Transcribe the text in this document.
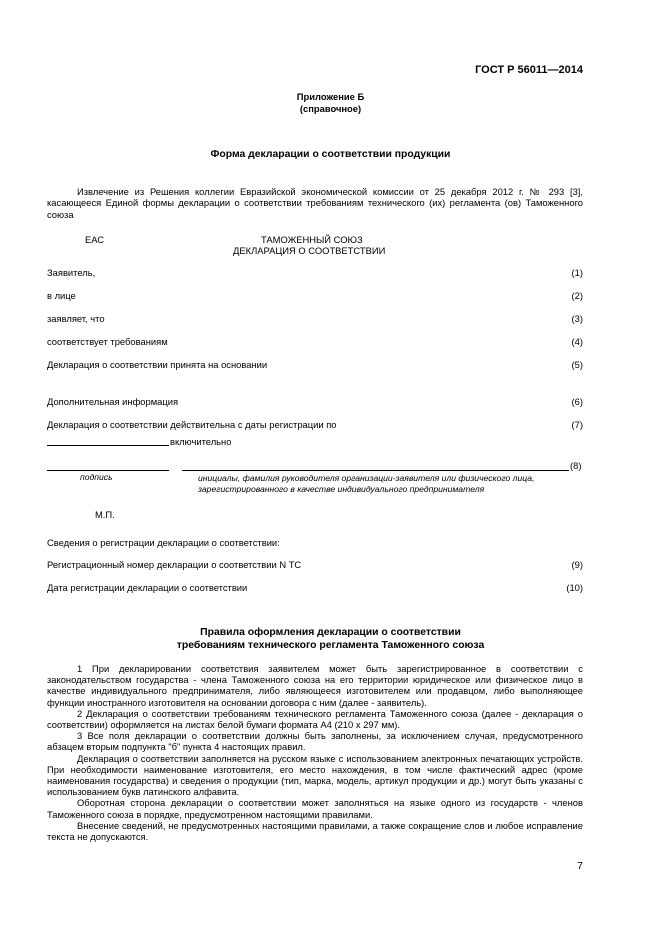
ГОСТ Р 56011—2014
Приложение Б
(справочное)
Форма декларации о соответствии продукции
Извлечение из Решения коллегии Евразийской экономической комиссии от 25 декабря 2012 г. № 293 [3], касающееся Единой формы декларации о соответствии требованиям технического (их) регламента (ов) Таможенного союза
ЕАС	ТАМОЖЕННЫЙ СОЮЗ
ДЕКЛАРАЦИЯ О СООТВЕТСТВИИ
Заявитель,	(1)
в лице	(2)
заявляет, что	(3)
соответствует требованиям	(4)
Декларация о соответствии принята на основании	(5)
Дополнительная информация	(6)
Декларация о соответствии действительна с даты регистрации по	(7)
включительно
(8)
подпись	инициалы, фамилия руководителя организации-заявителя или физического лица,
зарегистрированного в качестве индивидуального предпринимателя
М.П.
Сведения о регистрации декларации о соответствии:
Регистрационный номер декларации о соответствии N ТС	(9)
Дата регистрации декларации о соответствии	(10)
Правила оформления декларации о соответствии
требованиям технического регламента Таможенного союза

1 При декларировании соответствия заявителем может быть зарегистрированное в соответствии с законодательством государства - члена Таможенного союза на его территории юридическое или физическое лицо в качестве индивидуального предпринимателя, либо являющееся изготовителем или продавцом, либо выполняющее функции иностранного изготовителя на основании договора с ним (далее - заявитель).

2 Декларация о соответствии требованиям технического регламента Таможенного союза (далее - декларация о соответствии) оформляется на листах белой бумаги формата А4 (210 х 297 мм).

3 Все поля декларации о соответствии должны быть заполнены, за исключением случая, предусмотренного абзацем вторым подпункта "б" пункта 4 настоящих правил.

Декларация о соответствии заполняется на русском языке с использованием электронных печатающих устройств. При необходимости наименование изготовителя, его место нахождения, в том числе фактический адрес (кроме наименования государства) и сведения о продукции (тип, марка, модель, артикул продукции и др.) могут быть указаны с использованием букв латинского алфавита.

Оборотная сторона декларации о соответствии может заполняться на языке одного из государств - членов Таможенного союза в порядке, предусмотренном настоящими правилами.

Внесение сведений, не предусмотренных настоящими правилами, а также сокращение слов и любое исправление текста не допускаются.

7
